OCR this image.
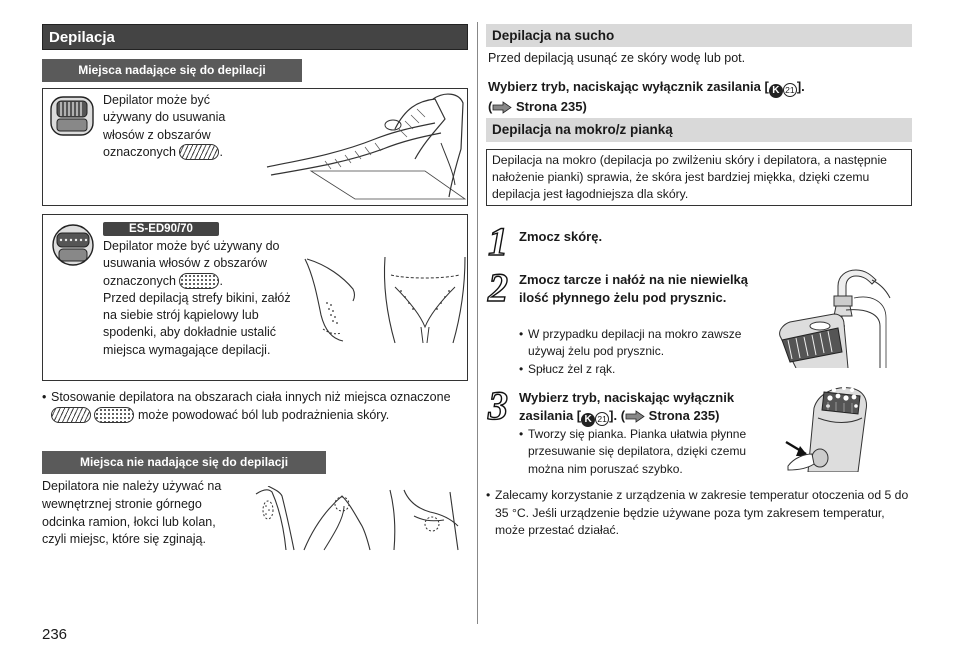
Depilacja
Miejsca nadające się do depilacji
Depilator może być używany do usuwania włosów z obszarów oznaczonych	.
ES-ED90/70
Depilator może być używany do usuwania włosów z obszarów oznaczonych	.
Przed depilacją strefy bikini, załóż na siebie strój kąpielowy lub spodenki, aby dokładnie ustalić miejsca wymagające depilacji.
• Stosowanie depilatora na obszarach ciała innych niż miejsca oznaczone   może powodować ból lub podrażnienia skóry.
Miejsca nie nadające się do depilacji
Depilatora nie należy używać na wewnętrznej stronie górnego odcinka ramion, łokci lub kolan, czyli miejsc, które się zginają.
236
Depilacja na sucho
Przed depilacją usunąć ze skóry wodę lub pot.
Wybierz tryb, naciskając wyłącznik zasilania [ K 21 ].
( Strona 235)
Depilacja na mokro/z pianką
Depilacja na mokro (depilacja po zwilżeniu skóry i depilatora, a następnie nałożenie pianki) sprawia, że skóra jest bardziej miękka, dzięki czemu depilacja jest łagodniejsza dla skóry.
1 Zmocz skórę.
2 Zmocz tarcze i nałóż na nie niewielką ilość płynnego żelu pod prysznic.
• W przypadku depilacji na mokro zawsze używaj żelu pod prysznic.
• Spłucz żel z rąk.
3 Wybierz tryb, naciskając wyłącznik zasilania [ K 21 ]. ( Strona 235)
• Tworzy się pianka. Pianka ułatwia płynne przesuwanie się depilatora, dzięki czemu można nim poruszać szybko.
• Zalecamy korzystanie z urządzenia w zakresie temperatur otoczenia od 5 do 35 °C. Jeśli urządzenie będzie używane poza tym zakresem temperatur, może przestać działać.
